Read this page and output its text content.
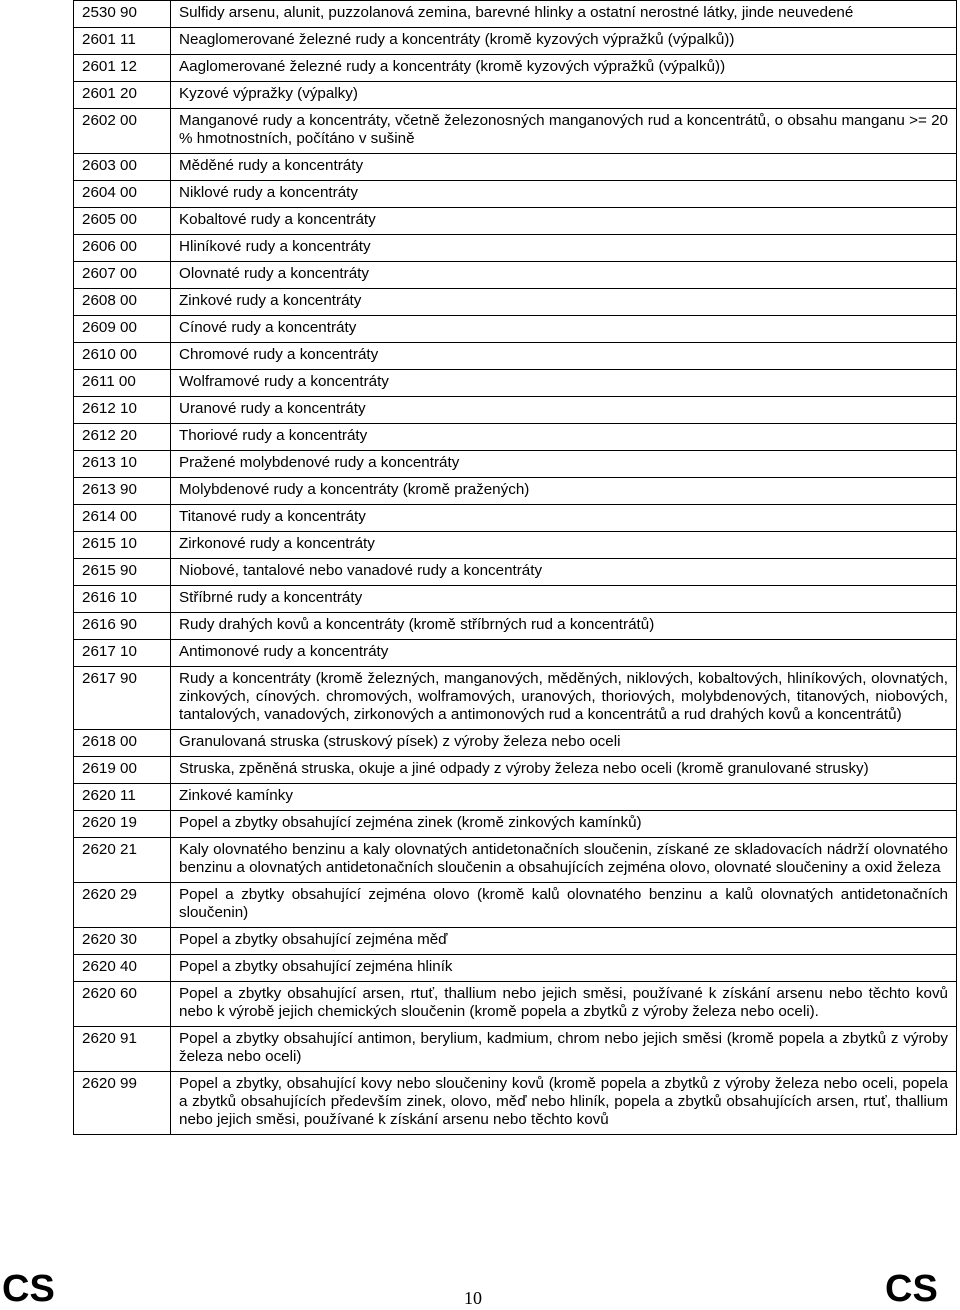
2530 90	Sulfidy arsenu, alunit, puzzolanová zemina, barevné hlinky a ostatní nerostné látky, jinde neuvedené
2601 11	Neaglomerované železné rudy a koncentráty (kromě kyzových výpražků (výpalků))
2601 12	Aaglomerované železné rudy a koncentráty (kromě kyzových výpražků (výpalků))
2601 20	Kyzové výpražky (výpalky)
2602 00	Manganové rudy a koncentráty, včetně železonosných manganových rud a koncentrátů, o obsahu manganu >= 20 % hmotnostních, počítáno v sušině
2603 00	Měděné rudy a koncentráty
2604 00	Niklové rudy a koncentráty
2605 00	Kobaltové rudy a koncentráty
2606 00	Hliníkové rudy a koncentráty
2607 00	Olovnaté rudy a koncentráty
2608 00	Zinkové rudy a koncentráty
2609 00	Cínové rudy a koncentráty
2610 00	Chromové rudy a koncentráty
2611 00	Wolframové rudy a koncentráty
2612 10	Uranové rudy a koncentráty
2612 20	Thoriové rudy a koncentráty
2613 10	Pražené molybdenové rudy a koncentráty
2613 90	Molybdenové rudy a koncentráty (kromě pražených)
2614 00	Titanové rudy a koncentráty
2615 10	Zirkonové rudy a koncentráty
2615 90	Niobové, tantalové nebo vanadové rudy a koncentráty
2616 10	Stříbrné rudy a koncentráty
2616 90	Rudy drahých kovů a koncentráty (kromě stříbrných rud a koncentrátů)
2617 10	Antimonové rudy a koncentráty
2617 90	Rudy a koncentráty (kromě železných, manganových, měděných, niklových, kobaltových, hliníkových, olovnatých, zinkových, cínových. chromových, wolframových, uranových, thoriových, molybdenových, titanových, niobových, tantalových, vanadových, zirkonových a antimonových rud a koncentrátů a rud drahých kovů a koncentrátů)
2618 00	Granulovaná struska (struskový písek) z výroby železa nebo oceli
2619 00	Struska, zpěněná struska, okuje a jiné odpady z výroby železa nebo oceli (kromě granulované strusky)
2620 11	Zinkové kamínky
2620 19	Popel a zbytky obsahující zejména zinek (kromě zinkových kamínků)
2620 21	Kaly olovnatého benzinu a kaly olovnatých antidetonačních sloučenin, získané ze skladovacích nádrží olovnatého benzinu a olovnatých antidetonačních sloučenin a obsahujících zejména olovo, olovnaté sloučeniny a oxid železa
2620 29	Popel a zbytky obsahující zejména olovo (kromě kalů olovnatého benzinu a kalů olovnatých antidetonačních sloučenin)
2620 30	Popel a zbytky obsahující zejména měď
2620 40	Popel a zbytky obsahující zejména hliník
2620 60	Popel a zbytky obsahující arsen, rtuť, thallium nebo jejich směsi, používané k získání arsenu nebo těchto kovů nebo k výrobě jejich chemických sloučenin (kromě popela a zbytků z výroby železa nebo oceli).
2620 91	Popel a zbytky obsahující antimon, berylium, kadmium, chrom nebo jejich směsi (kromě popela a zbytků z výroby železa nebo oceli)
2620 99	Popel a zbytky, obsahující kovy nebo sloučeniny kovů (kromě popela a zbytků z výroby železa nebo oceli, popela a zbytků obsahujících především zinek, olovo, měď nebo hliník, popela a zbytků obsahujících arsen, rtuť, thallium nebo jejich směsi, používané k získání arsenu nebo těchto kovů
CS	10	CS
